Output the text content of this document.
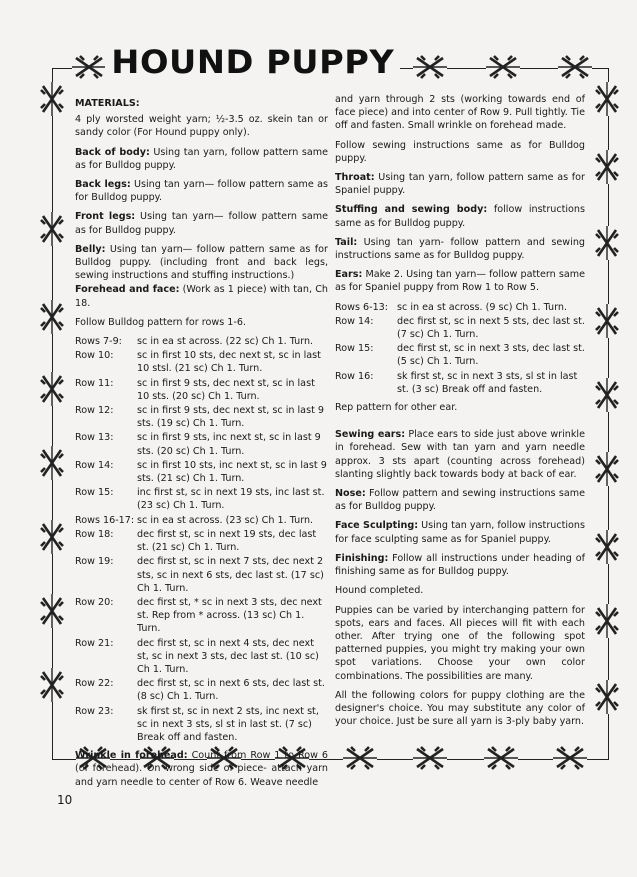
HOUND PUPPY

MATERIALS:

4 ply worsted weight yarn; ½-3.5 oz. skein tan or sandy color (For Hound puppy only).

Back of body: Using tan yarn, follow pattern same as for Bulldog puppy.

Back legs: Using tan yarn— follow pattern same as for Bulldog puppy.

Front legs: Using tan yarn— follow pattern same as for Bulldog puppy.

Belly: Using tan yarn— follow pattern same as for Bulldog puppy. (including front and back legs, sewing instructions and stuffing instructions.)

Forehead and face: (Work as 1 piece) with tan, Ch 18.

Follow Bulldog pattern for rows 1-6.

Rows 7-9:	sc in ea st across. (22 sc) Ch 1. Turn.
Row 10:	sc in first 10 sts, dec next st, sc in last 10 stsl. (21 sc) Ch 1. Turn.
Row 11:	sc in first 9 sts, dec next st, sc in last 10 sts. (20 sc) Ch 1. Turn.
Row 12:	sc in first 9 sts, dec next st, sc in last 9 sts. (19 sc) Ch 1. Turn.
Row 13:	sc in first 9 sts, inc next st, sc in last 9 sts. (20 sc) Ch 1. Turn.
Row 14:	sc in first 10 sts, inc next st, sc in last 9 sts. (21 sc) Ch 1. Turn.
Row 15:	inc first st, sc in next 19 sts, inc last st. (23 sc) Ch 1. Turn.
Rows 16-17: sc in ea st across. (23 sc) Ch 1. Turn.
Row 18:	dec first st, sc in next 19 sts, dec last st. (21 sc) Ch 1. Turn.
Row 19:	dec first st, sc in next 7 sts, dec next 2 sts, sc in next 6 sts, dec last st. (17 sc) Ch 1. Turn.
Row 20:	dec first st, * sc in next 3 sts, dec next st. Rep from * across. (13 sc) Ch 1. Turn.
Row 21:	dec first st, sc in next 4 sts, dec next st, sc in next 3 sts, dec last st. (10 sc) Ch 1. Turn.
Row 22:	dec first st, sc in next 6 sts, dec last st. (8 sc) Ch 1. Turn.
Row 23:	sk first st, sc in next 2 sts, inc next st, sc in next 3 sts, sl st in last st. (7 sc) Break off and fasten.

Wrinkle in forehead: Count from Row 1 to Row 6 (of forehead). On wrong side of piece- attach yarn and yarn needle to center of Row 6. Weave needle

and yarn through 2 sts (working towards end of face piece) and into center of Row 9. Pull tightly. Tie off and fasten. Small wrinkle on forehead made.

Follow sewing instructions same as for Bulldog puppy.

Throat: Using tan yarn, follow pattern same as for Spaniel puppy.

Stuffing and sewing body: follow instructions same as for Bulldog puppy.

Tail: Using tan yarn- follow pattern and sewing instructions same as for Bulldog puppy.

Ears: Make 2. Using tan yarn— follow pattern same as for Spaniel puppy from Row 1 to Row 5.

Rows 6-13: sc in ea st across. (9 sc) Ch 1. Turn.
Row 14:	dec first st, sc in next 5 sts, dec last st. (7 sc) Ch 1. Turn.
Row 15:	dec first st, sc in next 3 sts, dec last st. (5 sc) Ch 1. Turn.
Row 16:	sk first st, sc in next 3 sts, sl st in last st. (3 sc) Break off and fasten.

Rep pattern for other ear.

Sewing ears: Place ears to side just above wrinkle in forehead. Sew with tan yarn and yarn needle approx. 3 sts apart (counting across forehead) slanting slightly back towards body at back of ear.

Nose: Follow pattern and sewing instructions same as for Bulldog puppy.

Face Sculpting: Using tan yarn, follow instructions for face sculpting same as for Spaniel puppy.

Finishing: Follow all instructions under heading of finishing same as for Bulldog puppy.

Hound completed.

Puppies can be varied by interchanging pattern for spots, ears and faces. All pieces will fit with each other. After trying one of the following spot patterned puppies, you might try making your own spot variations. Choose your own color combinations. The possibilities are many.

All the following colors for puppy clothing are the designer's choice. You may substitute any color of your choice. Just be sure all yarn is 3-ply baby yarn.

10
